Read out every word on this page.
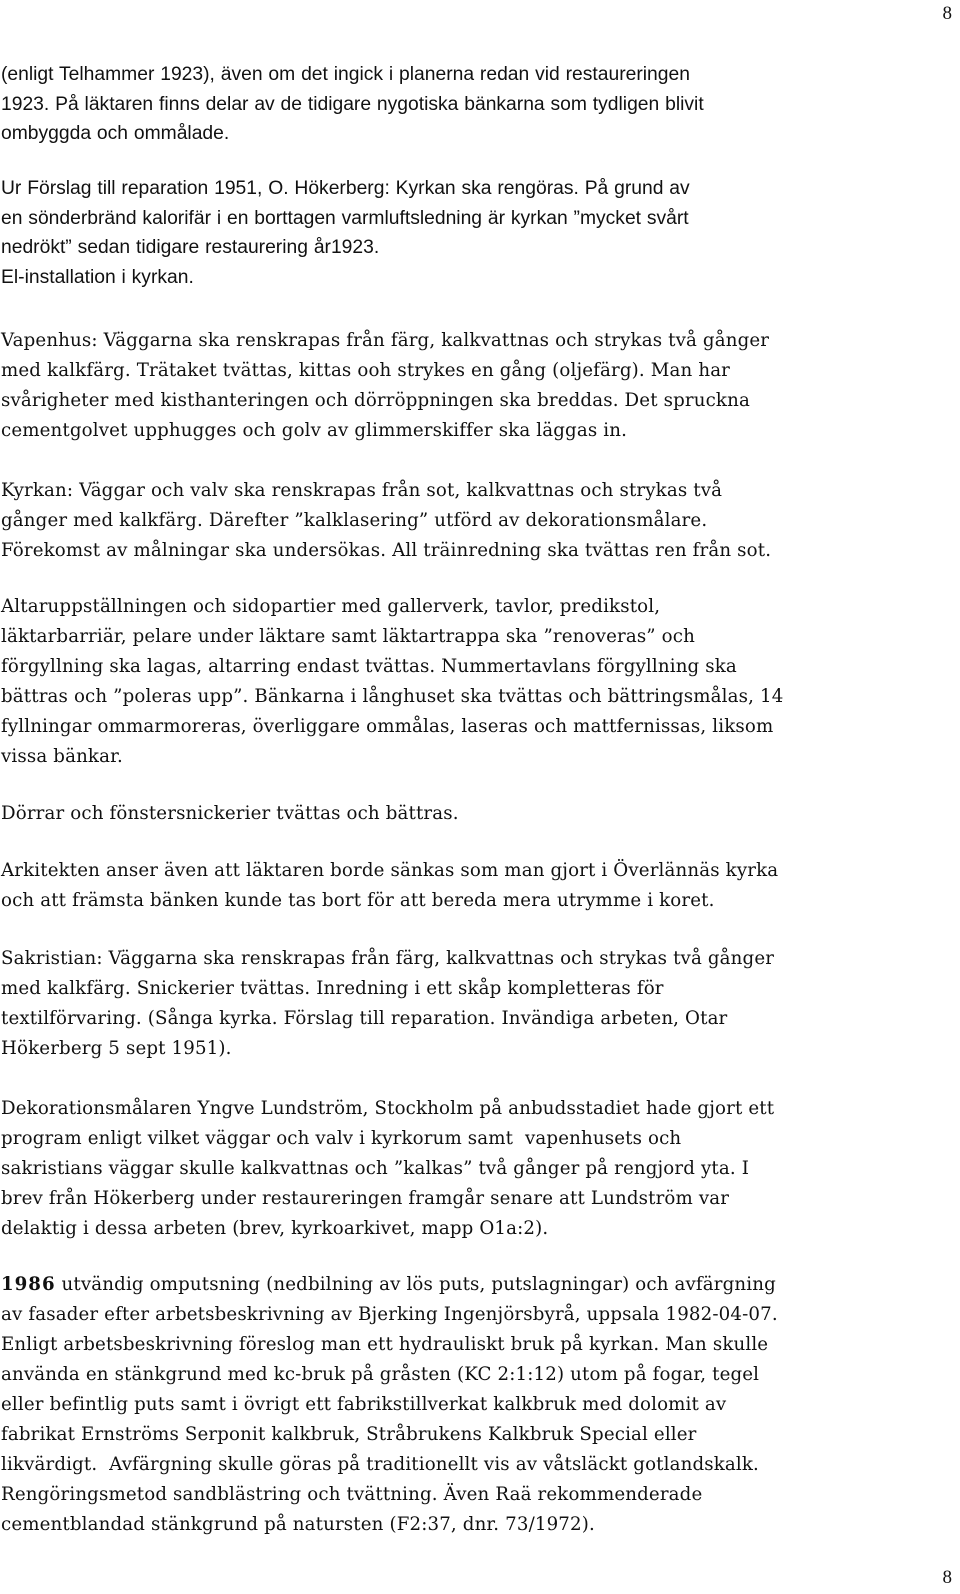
8

(enligt Telhammer 1923), även om det ingick i planerna redan vid restaureringen
1923. På läktaren finns delar av de tidigare nygotiska bänkarna som tydligen blivit
ombyggda och ommålade.

Ur Förslag till reparation 1951, O. Hökerberg: Kyrkan ska rengöras. På grund av
en sönderbränd kalorifär i en borttagen varmluftsledning är kyrkan ”mycket svårt
nedrökt” sedan tidigare restaurering år1923.
El-installation i kyrkan.

Vapenhus: Väggarna ska renskrapas från färg, kalkvattnas och strykas två gånger
med kalkfärg. Trätaket tvättas, kittas ooh strykes en gång (oljefärg). Man har
svårigheter med kisthanteringen och dörröppningen ska breddas. Det spruckna
cementgolvet upphugges och golv av glimmerskiffer ska läggas in.

Kyrkan: Väggar och valv ska renskrapas från sot, kalkvattnas och strykas två
gånger med kalkfärg. Därefter ”kalklasering” utförd av dekorationsmålare.
Förekomst av målningar ska undersökas. All träinredning ska tvättas ren från sot.

Altaruppställningen och sidopartier med gallerverk, tavlor, predikstol,
läktarbarriär, pelare under läktare samt läktartrappa ska ”renoveras” och
förgyllning ska lagas, altarring endast tvättas. Nummertavlans förgyllning ska
bättras och ”poleras upp”. Bänkarna i långhuset ska tvättas och bättringsmålas, 14
fyllningar ommarmoreras, överliggare ommålas, laseras och mattfernissas, liksom
vissa bänkar.

Dörrar och fönstersnickerier tvättas och bättras.

Arkitekten anser även att läktaren borde sänkas som man gjort i Överlännäs kyrka
och att främsta bänken kunde tas bort för att bereda mera utrymme i koret.

Sakristian: Väggarna ska renskrapas från färg, kalkvattnas och strykas två gånger
med kalkfärg. Snickerier tvättas. Inredning i ett skåp kompletteras för
textilförvaring. (Sånga kyrka. Förslag till reparation. Invändiga arbeten, Otar
Hökerberg 5 sept 1951).

Dekorationsmålaren Yngve Lundström, Stockholm på anbudsstadiet hade gjort ett
program enligt vilket väggar och valv i kyrkorum samt  vapenhusets och
sakristians väggar skulle kalkvattnas och ”kalkas” två gånger på rengjord yta. I
brev från Hökerberg under restaureringen framgår senare att Lundström var
delaktig i dessa arbeten (brev, kyrkoarkivet, mapp O1a:2).

1986 utvändig omputsning (nedbilning av lös puts, putslagningar) och avfärgning
av fasader efter arbetsbeskrivning av Bjerking Ingenjörsbyrå, uppsala 1982-04-07.
Enligt arbetsbeskrivning föreslog man ett hydrauliskt bruk på kyrkan. Man skulle
använda en stänkgrund med kc-bruk på gråsten (KC 2:1:12) utom på fogar, tegel
eller befintlig puts samt i övrigt ett fabrikstillverkat kalkbruk med dolomit av
fabrikat Ernströms Serponit kalkbruk, Stråbrukens Kalkbruk Special eller
likvärdigt.  Avfärgning skulle göras på traditionellt vis av våtsläckt gotlandskalk.
Rengöringsmetod sandblästring och tvättning. Även Raä rekommenderade
cementblandad stänkgrund på natursten (F2:37, dnr. 73/1972).

8
